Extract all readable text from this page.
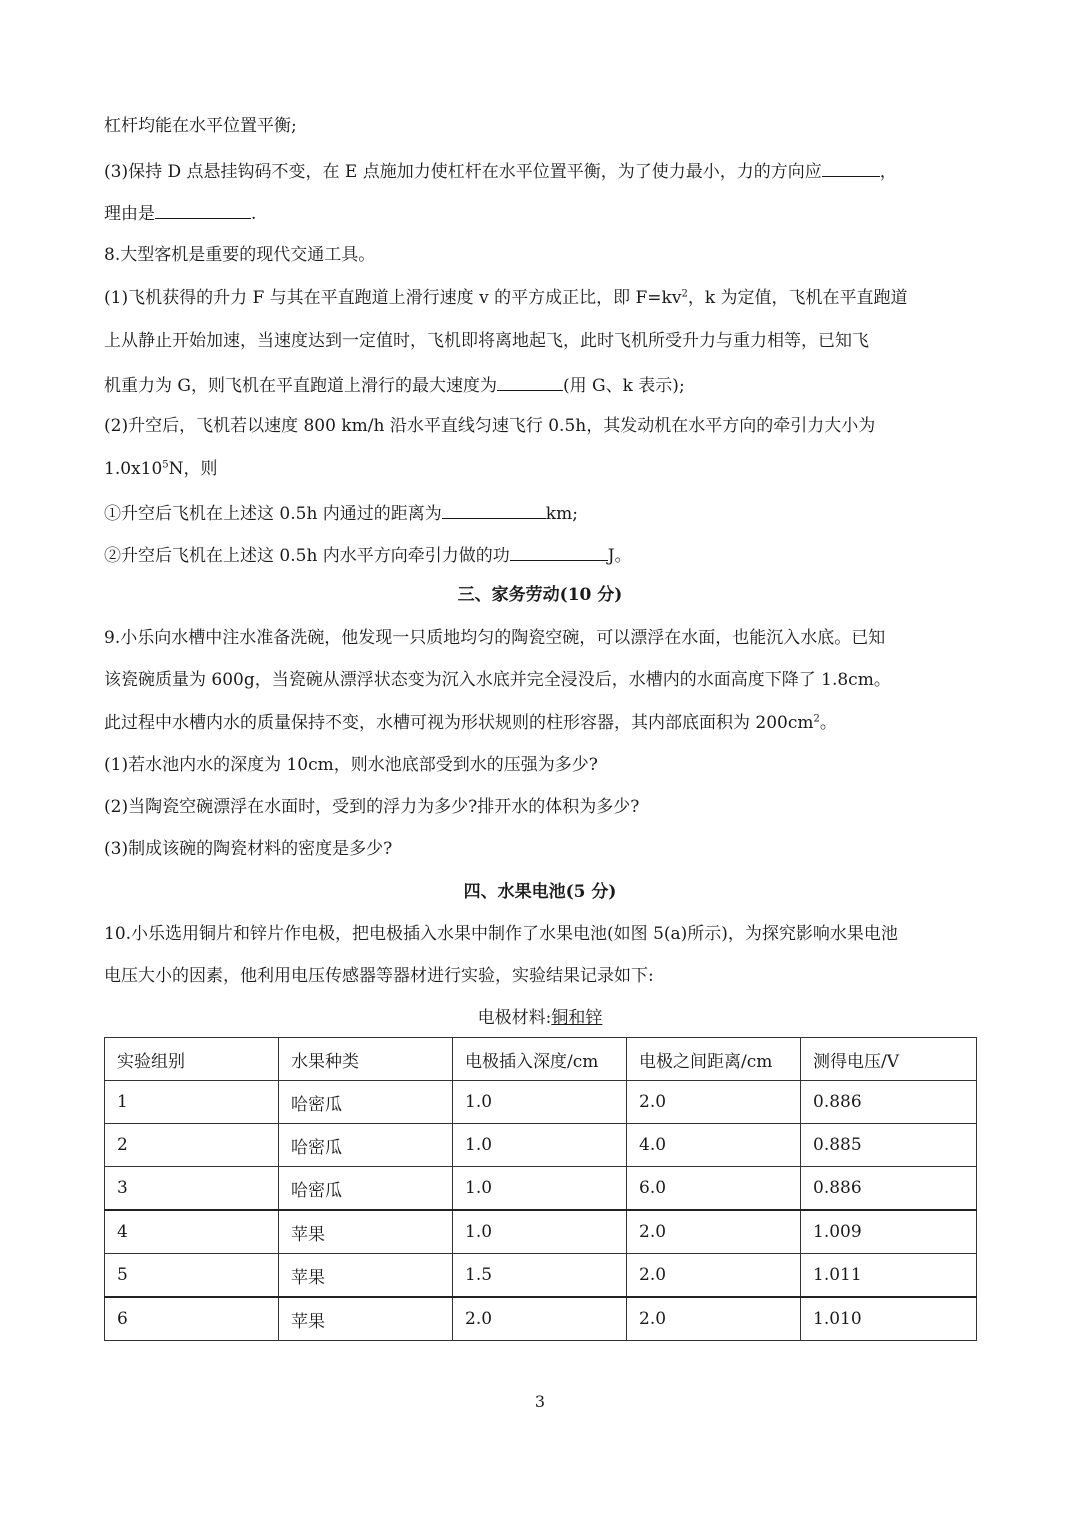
杠杆均能在水平位置平衡;
(3)保持 D 点悬挂钩码不变，在 E 点施加力使杠杆在水平位置平衡，为了使力最小，力的方向应	，
理由是	.
8.大型客机是重要的现代交通工具。
(1)飞机获得的升力 F 与其在平直跑道上滑行速度 v 的平方成正比，即 $F=kv^2$，k 为定值，飞机在平直跑道
上从静止开始加速，当速度达到一定值时，飞机即将离地起飞，此时飞机所受升力与重力相等，已知飞
机重力为 G，则飞机在平直跑道上滑行的最大速度为	(用 G、k 表示);
(2)升空后，飞机若以速度 800 km/h 沿水平直线匀速飞行 0.5h，其发动机在水平方向的牵引力大小为
$1.0x10^5N$，则
①升空后飞机在上述这 0.5h 内通过的距离为	km;
②升空后飞机在上述这 0.5h 内水平方向牵引力做的功	J。
三、家务劳动(10 分)
9.小乐向水槽中注水准备洗碗，他发现一只质地均匀的陶瓷空碗，可以漂浮在水面，也能沉入水底。已知
该瓷碗质量为 600g，当瓷碗从漂浮状态变为沉入水底并完全浸没后，水槽内的水面高度下降了 1.8cm。
此过程中水槽内水的质量保持不变，水槽可视为形状规则的柱形容器，其内部底面积为 $200cm^2$。
(1)若水池内水的深度为 10cm，则水池底部受到水的压强为多少?
(2)当陶瓷空碗漂浮在水面时，受到的浮力为多少?排开水的体积为多少?
(3)制成该碗的陶瓷材料的密度是多少?
四、水果电池(5 分)
10.小乐选用铜片和锌片作电极，把电极插入水果中制作了水果电池(如图 5(a)所示)，为探究影响水果电池
电压大小的因素，他利用电压传感器等器材进行实验，实验结果记录如下:
电极材料:铜和锌
实验组别	水果种类	电极插入深度/cm	电极之间距离/cm	测得电压/V
1	哈密瓜	1.0	2.0	0.886
2	哈密瓜	1.0	4.0	0.885
3	哈密瓜	1.0	6.0	0.886
4	苹果	1.0	2.0	1.009
5	苹果	1.5	2.0	1.011
6	苹果	2.0	2.0	1.010
3
